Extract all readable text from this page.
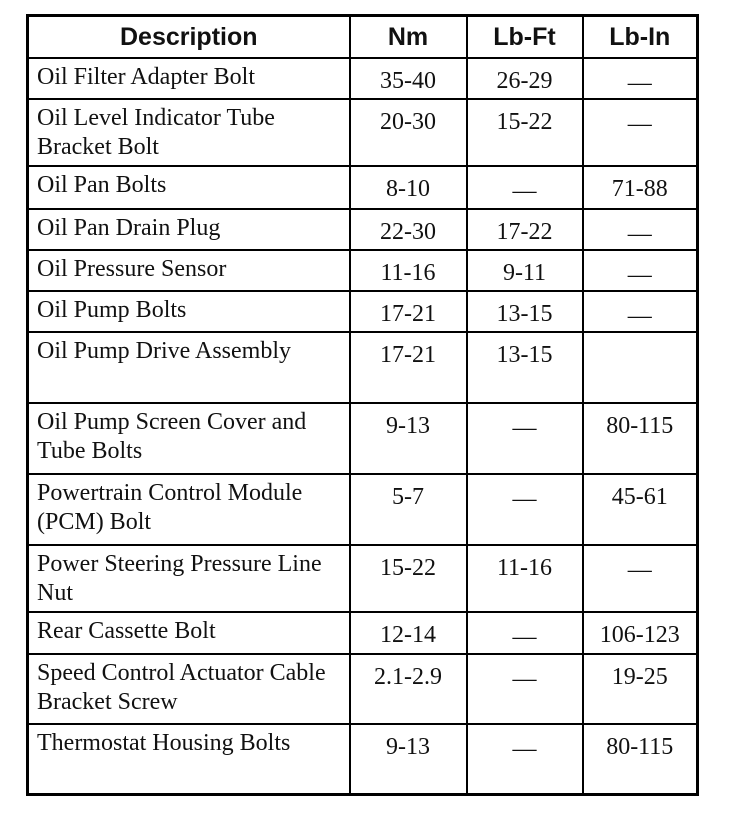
Description	Nm	Lb-Ft	Lb-In
Oil Filter Adapter Bolt	35-40	26-29	—
Oil Level Indicator Tube Bracket Bolt	20-30	15-22	—
Oil Pan Bolts	8-10	—	71-88
Oil Pan Drain Plug	22-30	17-22	—
Oil Pressure Sensor	11-16	9-11	—
Oil Pump Bolts	17-21	13-15	—
Oil Pump Drive Assembly	17-21	13-15	
Oil Pump Screen Cover and Tube Bolts	9-13	—	80-115
Powertrain Control Module (PCM) Bolt	5-7	—	45-61
Power Steering Pressure Line Nut	15-22	11-16	—
Rear Cassette Bolt	12-14	—	106-123
Speed Control Actuator Cable Bracket Screw	2.1-2.9	—	19-25
Thermostat Housing Bolts	9-13	—	80-115
